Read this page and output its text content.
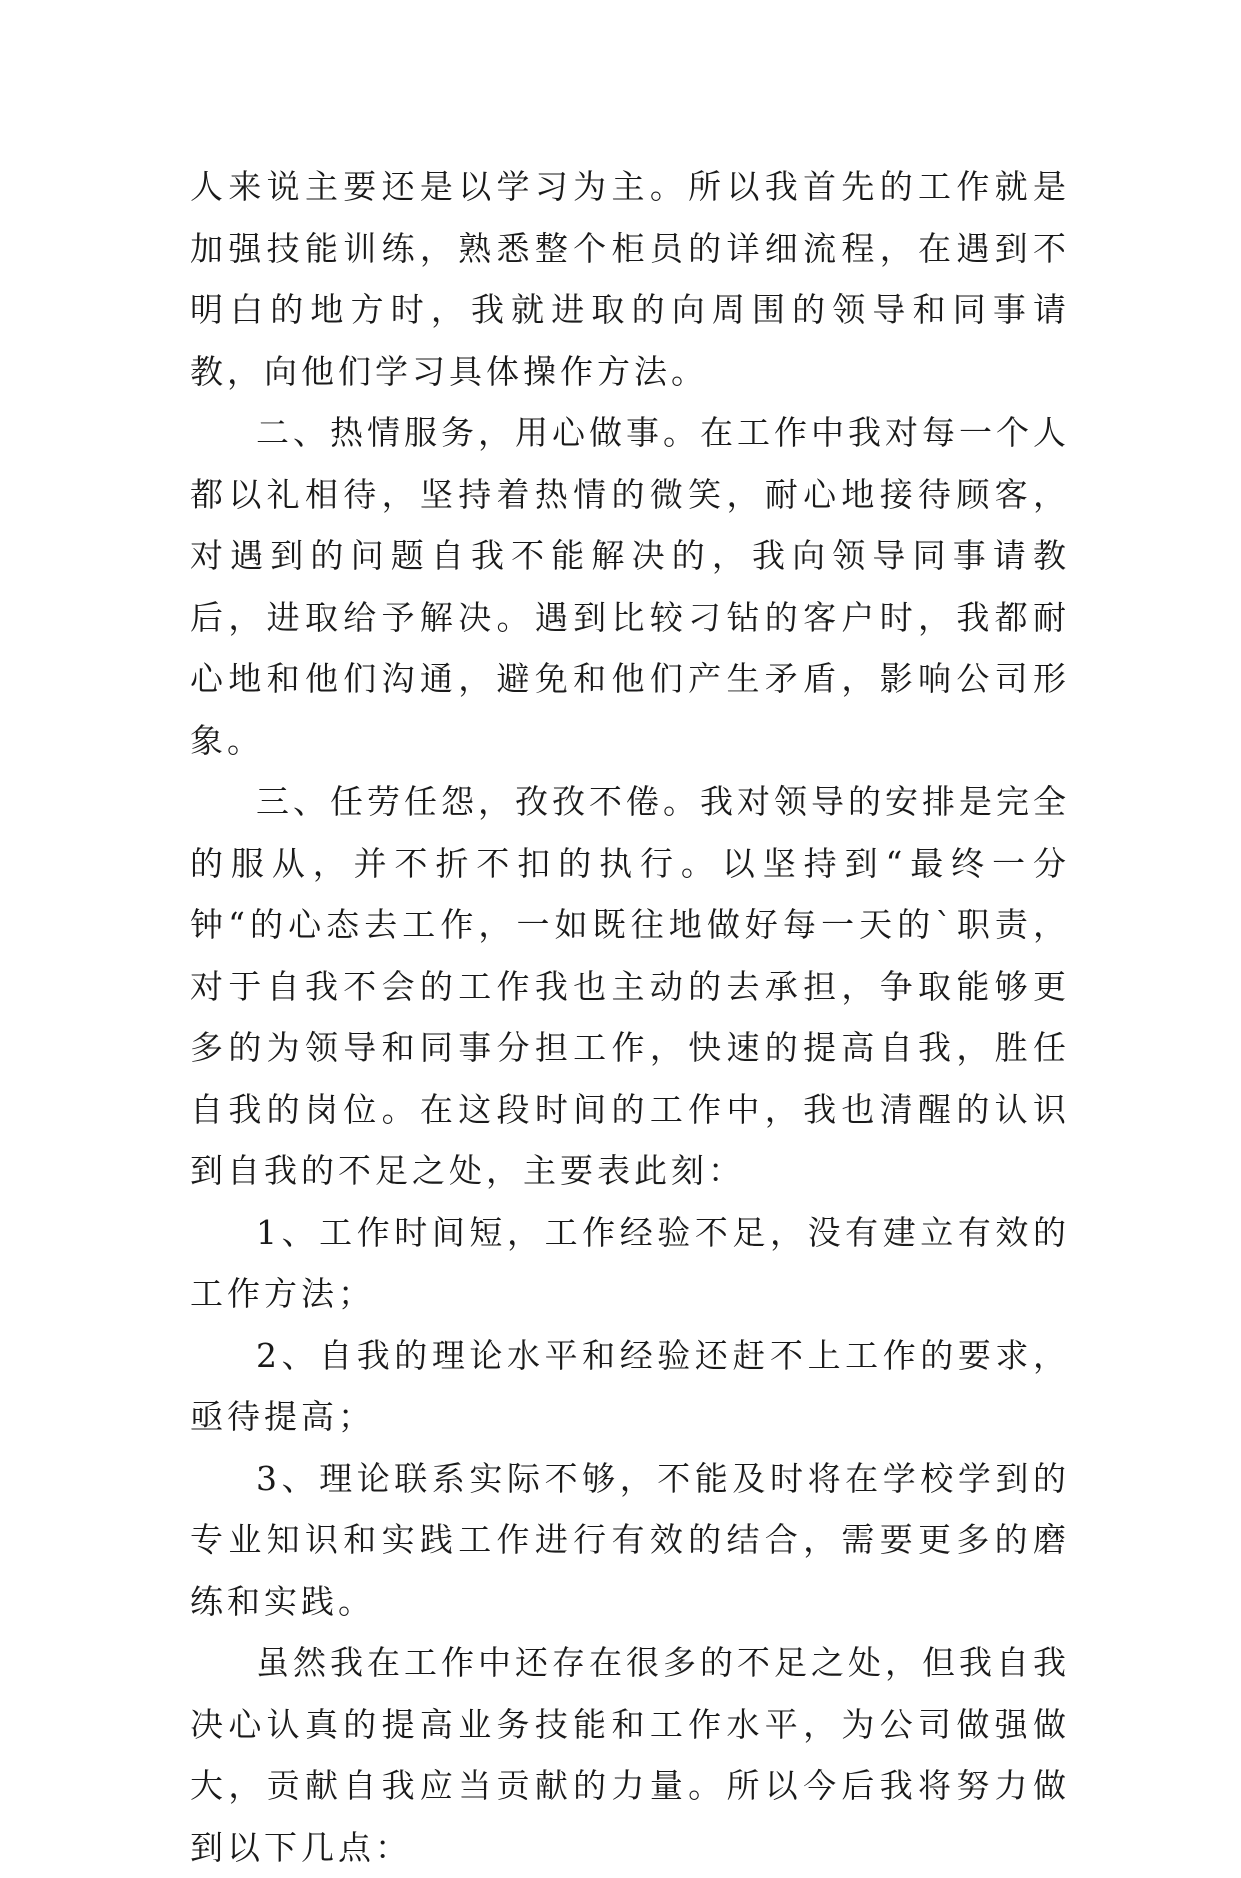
人来说主要还是以学习为主。所以我首先的工作就是加强技能训练，熟悉整个柜员的详细流程，在遇到不明白的地方时，我就进取的向周围的领导和同事请教，向他们学习具体操作方法。

二、热情服务，用心做事。在工作中我对每一个人都以礼相待，坚持着热情的微笑，耐心地接待顾客，对遇到的问题自我不能解决的，我向领导同事请教后，进取给予解决。遇到比较刁钻的客户时，我都耐心地和他们沟通，避免和他们产生矛盾，影响公司形象。

三、任劳任怨，孜孜不倦。我对领导的安排是完全的服从，并不折不扣的执行。以坚持到“最终一分钟“的心态去工作，一如既往地做好每一天的`职责，对于自我不会的工作我也主动的去承担，争取能够更多的为领导和同事分担工作，快速的提高自我，胜任自我的岗位。在这段时间的工作中，我也清醒的认识到自我的不足之处，主要表此刻：

1、工作时间短，工作经验不足，没有建立有效的工作方法；

2、自我的理论水平和经验还赶不上工作的要求，亟待提高；

3、理论联系实际不够，不能及时将在学校学到的专业知识和实践工作进行有效的结合，需要更多的磨练和实践。

虽然我在工作中还存在很多的不足之处，但我自我决心认真的提高业务技能和工作水平，为公司做强做大，贡献自我应当贡献的力量。所以今后我将努力做到以下几点：
